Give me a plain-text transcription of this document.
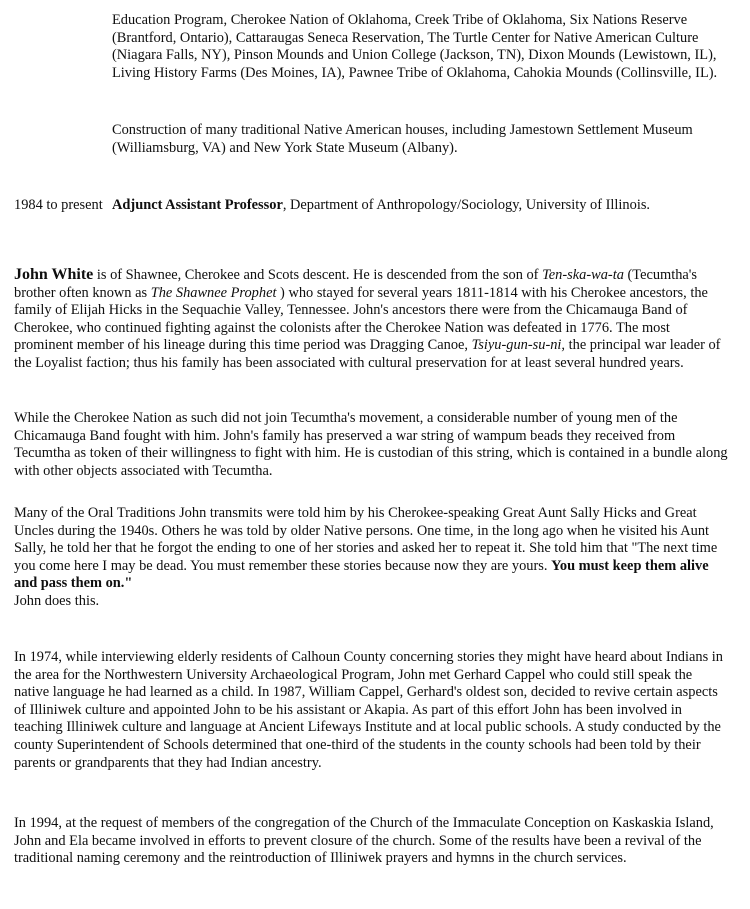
Education Program, Cherokee Nation of Oklahoma, Creek Tribe of Oklahoma, Six Nations Reserve (Brantford, Ontario), Cattaraugas Seneca Reservation, The Turtle Center for Native American Culture (Niagara Falls, NY), Pinson Mounds and Union College (Jackson, TN), Dixon Mounds (Lewistown, IL), Living History Farms (Des Moines, IA), Pawnee Tribe of Oklahoma, Cahokia Mounds (Collinsville, IL).

Construction of many traditional Native American houses, including Jamestown Settlement Museum (Williamsburg, VA) and New York State Museum (Albany).

1984 to present Adjunct Assistant Professor, Department of Anthropology/Sociology, University of Illinois.

John White is of Shawnee, Cherokee and Scots descent. He is descended from the son of Ten-ska-wa-ta (Tecumtha's brother often known as The Shawnee Prophet ) who stayed for several years 1811-1814 with his Cherokee ancestors, the family of Elijah Hicks in the Sequachie Valley, Tennessee. John's ancestors there were from the Chicamauga Band of Cherokee, who continued fighting against the colonists after the Cherokee Nation was defeated in 1776. The most prominent member of his lineage during this time period was Dragging Canoe, Tsiyu-gun-su-ni, the principal war leader of the Loyalist faction; thus his family has been associated with cultural preservation for at least several hundred years.

While the Cherokee Nation as such did not join Tecumtha's movement, a considerable number of young men of the Chicamauga Band fought with him. John's family has preserved a war string of wampum beads they received from Tecumtha as token of their willingness to fight with him. He is custodian of this string, which is contained in a bundle along with other objects associated with Tecumtha.

Many of the Oral Traditions John transmits were told him by his Cherokee-speaking Great Aunt Sally Hicks and Great Uncles during the 1940s. Others he was told by older Native persons. One time, in the long ago when he visited his Aunt Sally, he told her that he forgot the ending to one of her stories and asked her to repeat it. She told him that "The next time you come here I may be dead. You must remember these stories because now they are yours. You must keep them alive and pass them on."
John does this.

In 1974, while interviewing elderly residents of Calhoun County concerning stories they might have heard about Indians in the area for the Northwestern University Archaeological Program, John met Gerhard Cappel who could still speak the native language he had learned as a child. In 1987, William Cappel, Gerhard's oldest son, decided to revive certain aspects of Illiniwek culture and appointed John to be his assistant or Akapia. As part of this effort John has been involved in teaching Illiniwek culture and language at Ancient Lifeways Institute and at local public schools. A study conducted by the county Superintendent of Schools determined that one-third of the students in the county schools had been told by their parents or grandparents that they had Indian ancestry.

In 1994, at the request of members of the congregation of the Church of the Immaculate Conception on Kaskaskia Island, John and Ela became involved in efforts to prevent closure of the church. Some of the results have been a revival of the traditional naming ceremony and the reintroduction of Illiniwek prayers and hymns in the church services.
